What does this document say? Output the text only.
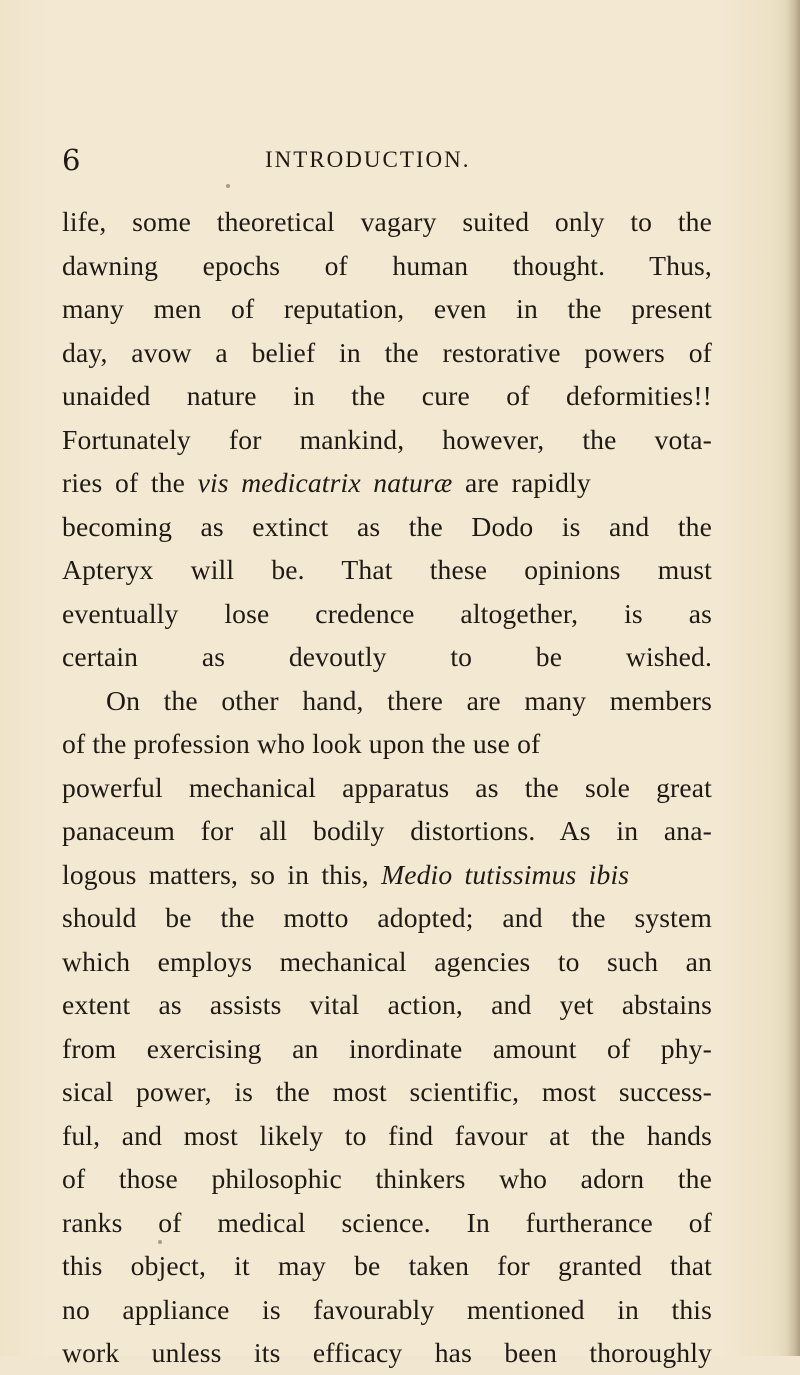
6	INTRODUCTION.
life, some theoretical vagary suited only to the
dawning epochs of human thought. Thus,
many men of reputation, even in the present
day, avow a belief in the restorative powers of
unaided nature in the cure of deformities!!
Fortunately for mankind, however, the vota-
ries of the vis medicatrix naturæ are rapidly
becoming as extinct as the Dodo is and the
Apteryx will be. That these opinions must
eventually lose credence altogether, is as
certain as devoutly to be wished.
On the other hand, there are many members
of the profession who look upon the use of
powerful mechanical apparatus as the sole great
panaceum for all bodily distortions. As in ana-
logous matters, so in this, Medio tutissimus ibis
should be the motto adopted; and the system
which employs mechanical agencies to such an
extent as assists vital action, and yet abstains
from exercising an inordinate amount of phy-
sical power, is the most scientific, most success-
ful, and most likely to find favour at the hands
of those philosophic thinkers who adorn the
ranks of medical science. In furtherance of
this object, it may be taken for granted that
no appliance is favourably mentioned in this
work unless its efficacy has been thoroughly
